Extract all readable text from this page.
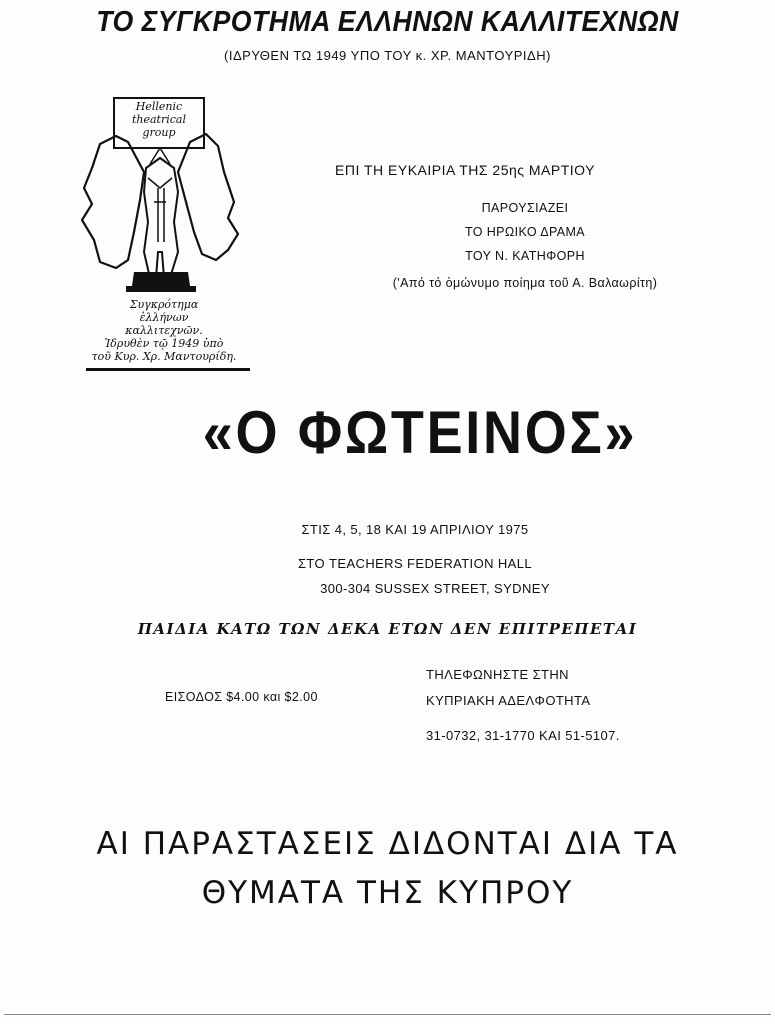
ΤΟ ΣΥΓΚΡΟΤΗΜΑ ΕΛΛΗΝΩΝ ΚΑΛΛΙΤΕΧΝΩΝ
(ΙΔΡΥΘΕΝ ΤΩ 1949 ΥΠΟ ΤΟΥ κ. ΧΡ. ΜΑΝΤΟΥΡΙΔΗ)
Hellenic
theatrical
group
Συγκρότημα
ἑλλήνων
καλλιτεχνῶν.
Ἱδρυθὲν τῷ 1949 ὑπὸ
τοῦ Κυρ. Χρ. Μαντουρίδη.
ΕΠΙ ΤΗ ΕΥΚΑΙΡΙΑ ΤΗΣ 25ης ΜΑΡΤΙΟΥ
ΠΑΡΟΥΣΙΑΖΕΙ
ΤΟ ΗΡΩΙΚΟ ΔΡΑΜΑ
ΤΟΥ Ν. ΚΑΤΗΦΟΡΗ
('Από τό ὁμώνυμο ποίημα τοῦ Α. Βαλαωρίτη)
«Ο ΦΩΤΕΙΝΟΣ»
ΣΤΙΣ 4, 5, 18 ΚΑΙ 19 ΑΠΡΙΛΙΟΥ 1975
ΣΤΟ TEACHERS FEDERATION HALL
300-304 SUSSEX STREET, SYDNEY
ΠΑΙΔΙΑ ΚΑΤΩ ΤΩΝ ΔΕΚΑ ΕΤΩΝ ΔΕΝ ΕΠΙΤΡΕΠΕΤΑΙ
ΕΙΣΟΔΟΣ $4.00 και $2.00
ΤΗΛΕΦΩΝΗΣΤΕ ΣΤΗΝ
ΚΥΠΡΙΑΚΗ ΑΔΕΛΦΟΤΗΤΑ
31-0732, 31-1770 ΚΑΙ 51-5107.
ΑΙ ΠΑΡΑΣΤΑΣΕΙΣ ΔΙΔΟΝΤΑΙ ΔΙΑ ΤΑ
ΘΥΜΑΤΑ ΤΗΣ ΚΥΠΡΟΥ
